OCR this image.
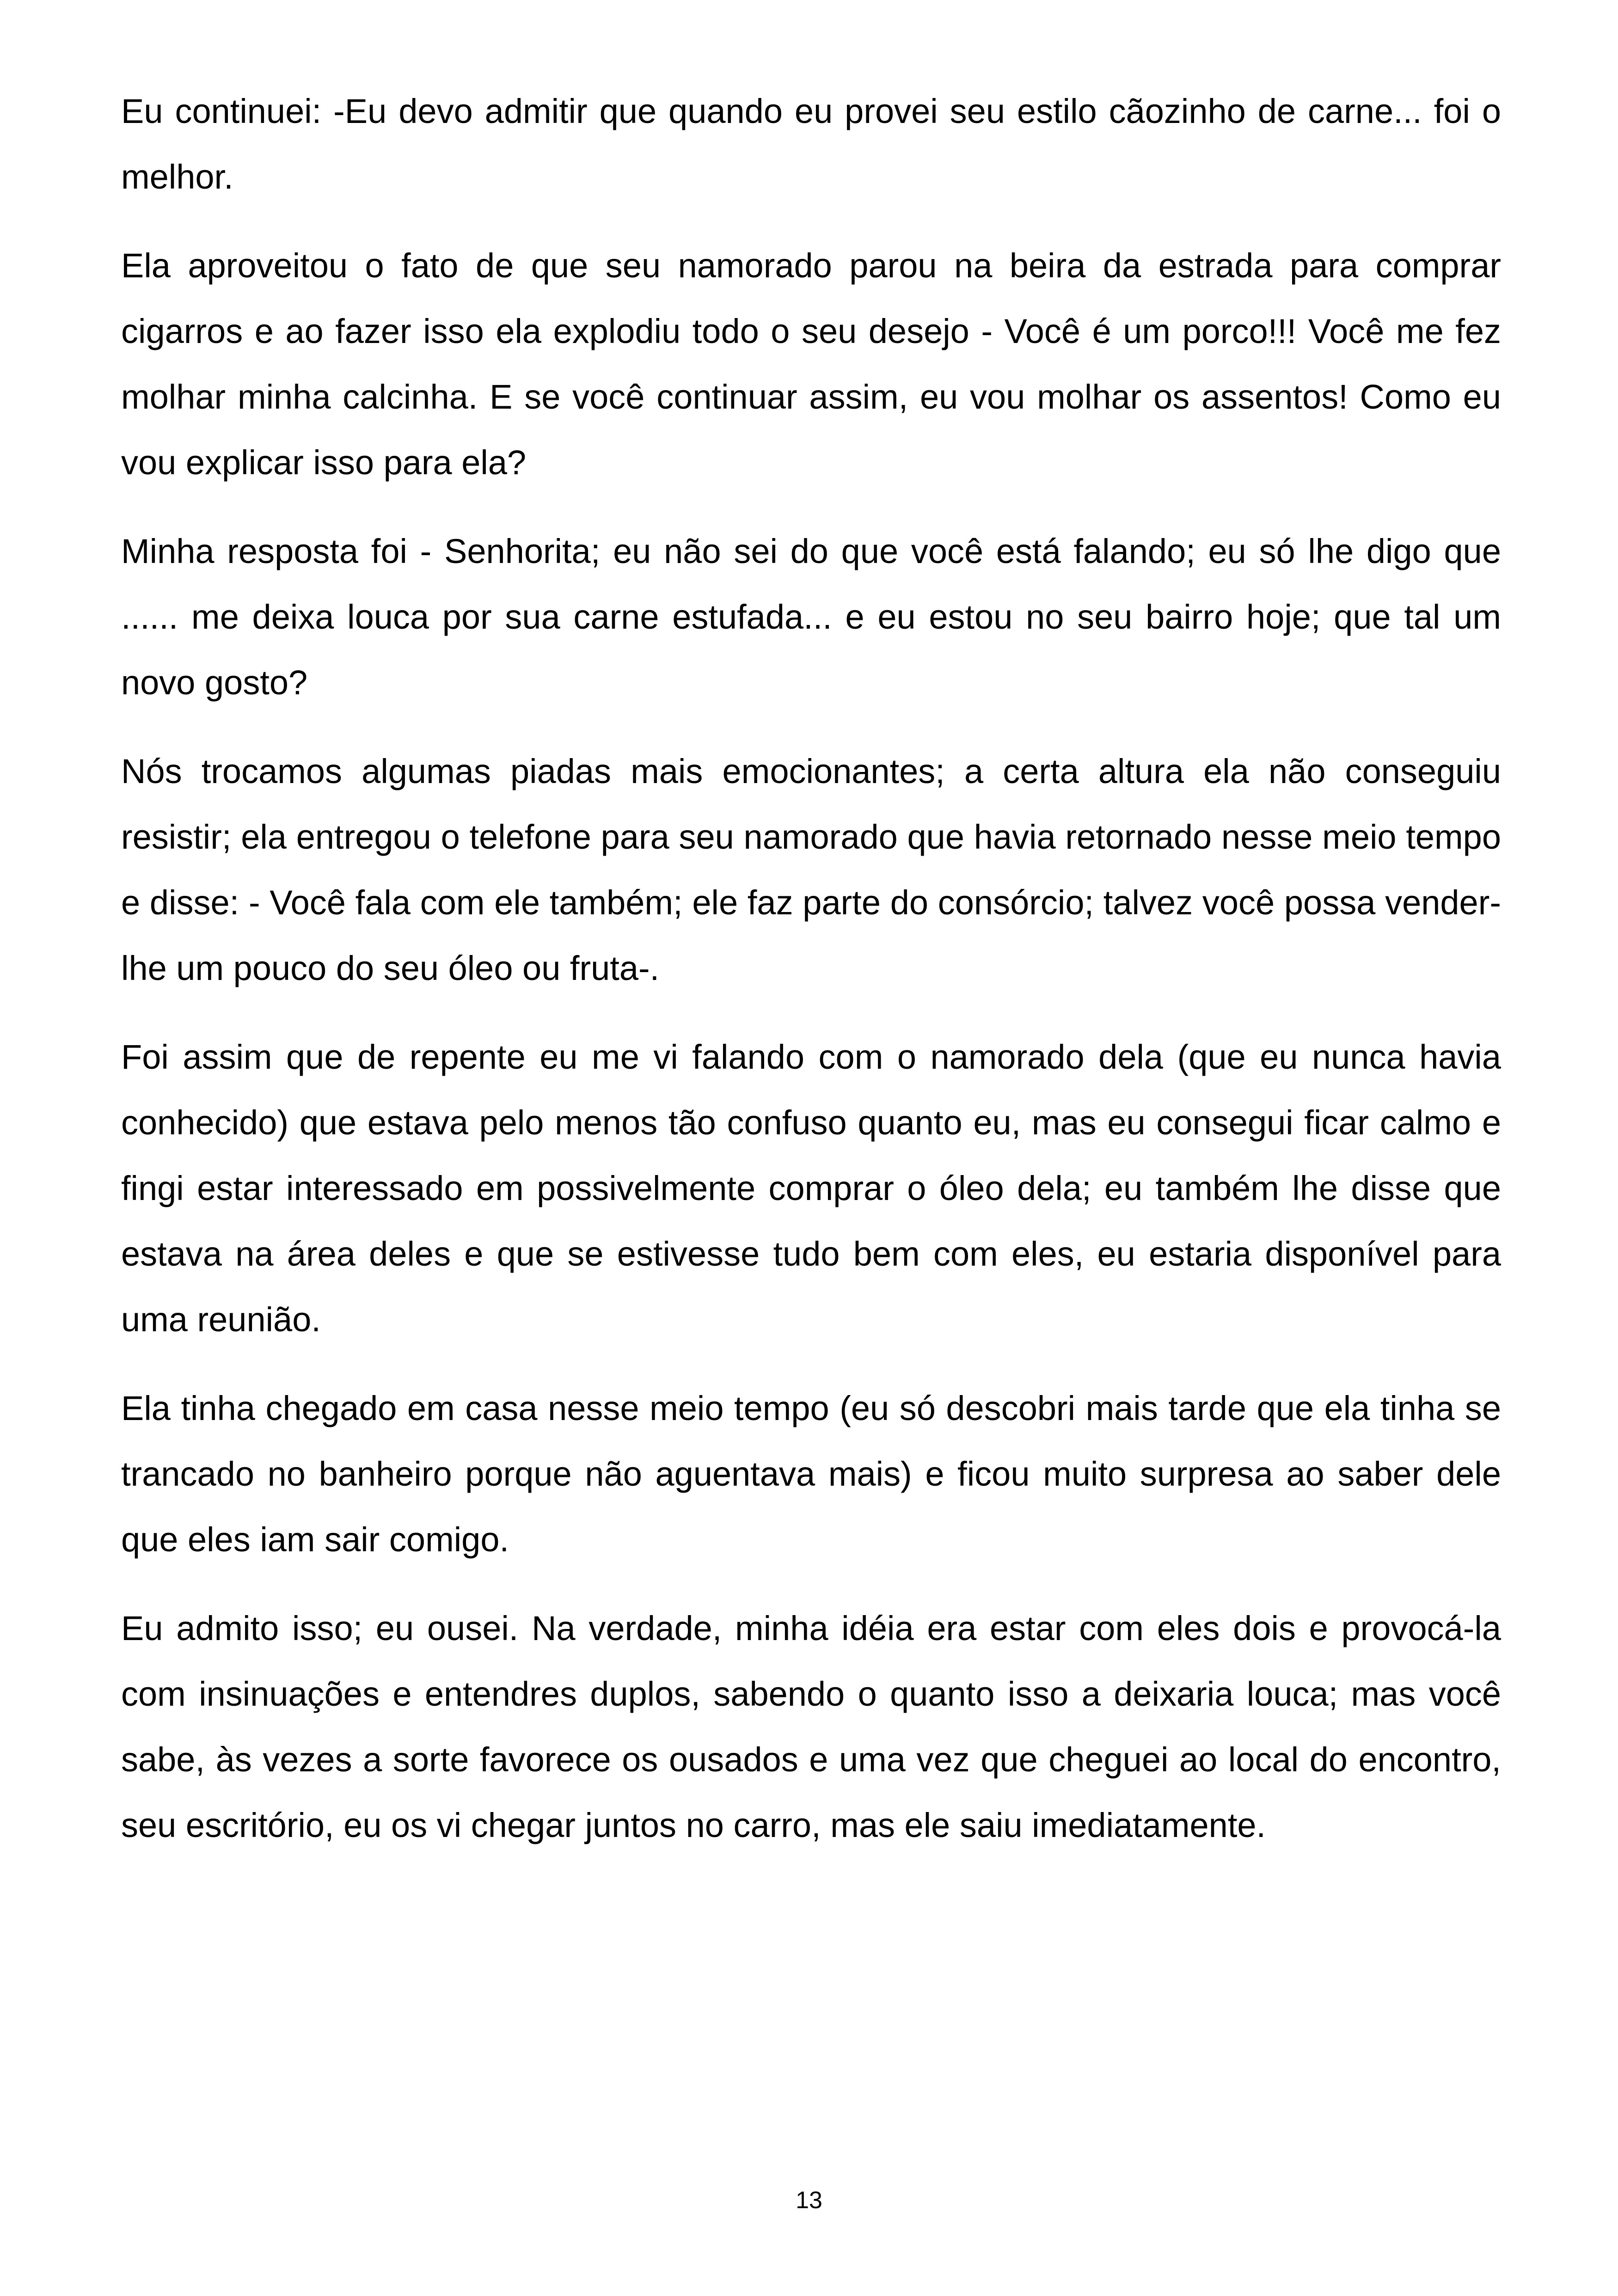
Eu continuei: -Eu devo admitir que quando eu provei seu estilo cãozinho de carne... foi o melhor.

Ela aproveitou o fato de que seu namorado parou na beira da estrada para comprar cigarros e ao fazer isso ela explodiu todo o seu desejo - Você é um porco!!! Você me fez molhar minha calcinha. E se você continuar assim, eu vou molhar os assentos! Como eu vou explicar isso para ela?

Minha resposta foi - Senhorita; eu não sei do que você está falando; eu só lhe digo que ...... me deixa louca por sua carne estufada... e eu estou no seu bairro hoje; que tal um novo gosto?

Nós trocamos algumas piadas mais emocionantes; a certa altura ela não conseguiu resistir; ela entregou o telefone para seu namorado que havia retornado nesse meio tempo e disse: - Você fala com ele também; ele faz parte do consórcio; talvez você possa vender-lhe um pouco do seu óleo ou fruta-.

Foi assim que de repente eu me vi falando com o namorado dela (que eu nunca havia conhecido) que estava pelo menos tão confuso quanto eu, mas eu consegui ficar calmo e fingi estar interessado em possivelmente comprar o óleo dela; eu também lhe disse que estava na área deles e que se estivesse tudo bem com eles, eu estaria disponível para uma reunião.

Ela tinha chegado em casa nesse meio tempo (eu só descobri mais tarde que ela tinha se trancado no banheiro porque não aguentava mais) e ficou muito surpresa ao saber dele que eles iam sair comigo.

Eu admito isso; eu ousei. Na verdade, minha idéia era estar com eles dois e provocá-la com insinuações e entendres duplos, sabendo o quanto isso a deixaria louca; mas você sabe, às vezes a sorte favorece os ousados e uma vez que cheguei ao local do encontro, seu escritório, eu os vi chegar juntos no carro, mas ele saiu imediatamente.

13
